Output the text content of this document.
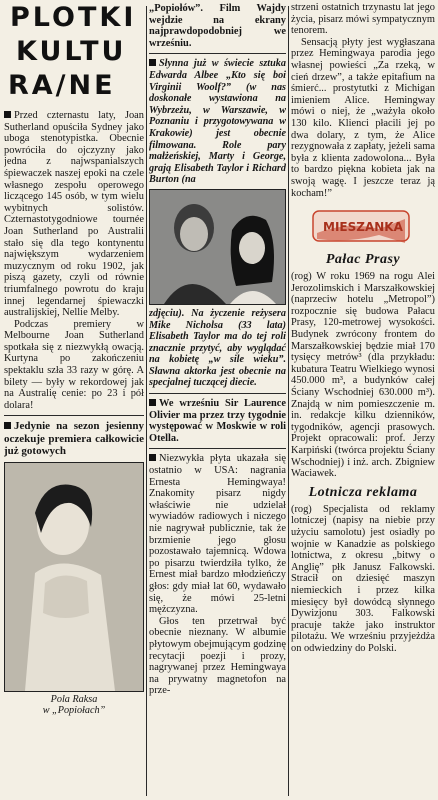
PLOTKI
KULTU
RA∕NE

Przed czternastu laty, Joan Sutherland opuściła Sydney jako uboga stenotypistka. Obecnie powróciła do ojczyzny jako jedna z najwspanialszych śpiewaczek naszej epoki na czele własnego zespołu operowego liczącego 145 osób, w tym wielu wybitnych solistów. Czternastotygodniowe tournée Joan Sutherland po Australii stało się dla tego kontynentu największym wydarzeniem muzycznym od roku 1902, jak piszą gazety, czyli od równie triumfalnego powrotu do kraju innej legendarnej śpiewaczki australijskiej, Nellie Melby.

Podczas premiery w Melbourne Joan Sutherland spotkała się z niezwykłą owacją. Kurtyna po zakończeniu spektaklu szła 33 razy w górę. A bilety — były w rekordowej jak na Australię cenie: po 23 i pół dolara!

Jedynie na sezon jesienny oczekuje premiera całkowicie już gotowych

Pola Raksa
w „Popiołach”

„Popiołów”. Film Wajdy wejdzie na ekrany najprawdopodobniej we wrześniu.

Słynna już w świecie sztuka Edwarda Albee „Kto się boi Virginii Woolf?” (w nas doskonałe wystawiona na Wybrzeżu, w Warszawie, w Poznaniu i przygotowywana w Krakowie) jest obecnie filmowana. Role pary małżeńskiej, Marty i George, grają Elisabeth Taylor i Richard Burton (na

zdjęciu). Na życzenie reżysera Mike Nicholsa (33 lata) Elisabeth Taylor ma do tej roli znacznie przytyć, aby wyglądać na kobietę „w sile wieku”. Sławna aktorka jest obecnie na specjalnej tuczącej diecie.

We wrześniu Sir Laurence Olivier ma przez trzy tygodnie występować w Moskwie w roli Otella.

Niezwykła płyta ukazała się ostatnio w USA: nagrania Ernesta Hemingwaya! Znakomity pisarz nigdy właściwie nie udzielał wywiadów radiowych i niczego nie nagrywał publicznie, tak że brzmienie jego głosu pozostawało tajemnicą. Wdowa po pisarzu twierdziła tylko, że Ernest miał bardzo młodzieńczy głos: gdy miał lat 60, wydawało się, że mówi 25-letni mężczyzna.

Głos ten przetrwał być obecnie nieznany. W albumie płytowym obejmującym godzinę recytacji poezji i prozy, nagrywanej przez Hemingwaya na prywatny magnetofon na prze-

strzeni ostatnich trzynastu lat jego życia, pisarz mówi sympatycznym tenorem.

Sensacją płyty jest wygłaszana przez Hemingwaya parodia jego własnej powieści „Za rzeką, w cień drzew”, a także epitafium na śmierć... prostytutki z Michigan imieniem Alice. Hemingway mówi o niej, że „ważyła około 130 kilo. Klienci płacili jej po dwa dolary, z tym, że Alice rezygnowała z zapłaty, jeżeli sama była z klienta zadowolona... Była to bardzo piękna kobieta jak na swoją wagę. I jeszcze teraz ją kocham!”

MIESZANKA
Pałac Prasy

(rog) W roku 1969 na rogu Alei Jerozolimskich i Marszałkowskiej (naprzeciw hotelu „Metropol”) rozpocznie się budowa Pałacu Prasy, 120-metrowej wysokości. Budynek zwrócony frontem do Marszałkowskiej będzie miał 170 tysięcy metrów³ (dla przykładu: kubatura Teatru Wielkiego wynosi 450.000 m³, a budynków całej Ściany Wschodniej 630.000 m³). Znajdą w nim pomieszczenie m. in. redakcje kilku dzienników, tygodników, agencji prasowych. Projekt opracowali: prof. Jerzy Karpiński (twórca projektu Ściany Wschodniej) i inż. arch. Zbigniew Waciawek.

Lotnicza reklama

(rog) Specjalista od reklamy lotniczej (napisy na niebie przy użyciu samolotu) jest osiadły po wojnie w Kanadzie as polskiego lotnictwa, z okresu „bitwy o Anglię” płk Janusz Falkowski. Stracił on dziesięć maszyn niemieckich i przez kilka miesięcy był dowódcą słynnego Dywizjonu 303. Falkowski pracuje także jako instruktor pilotażu. We wrześniu przyjeżdża on odwiedziny do Polski.
